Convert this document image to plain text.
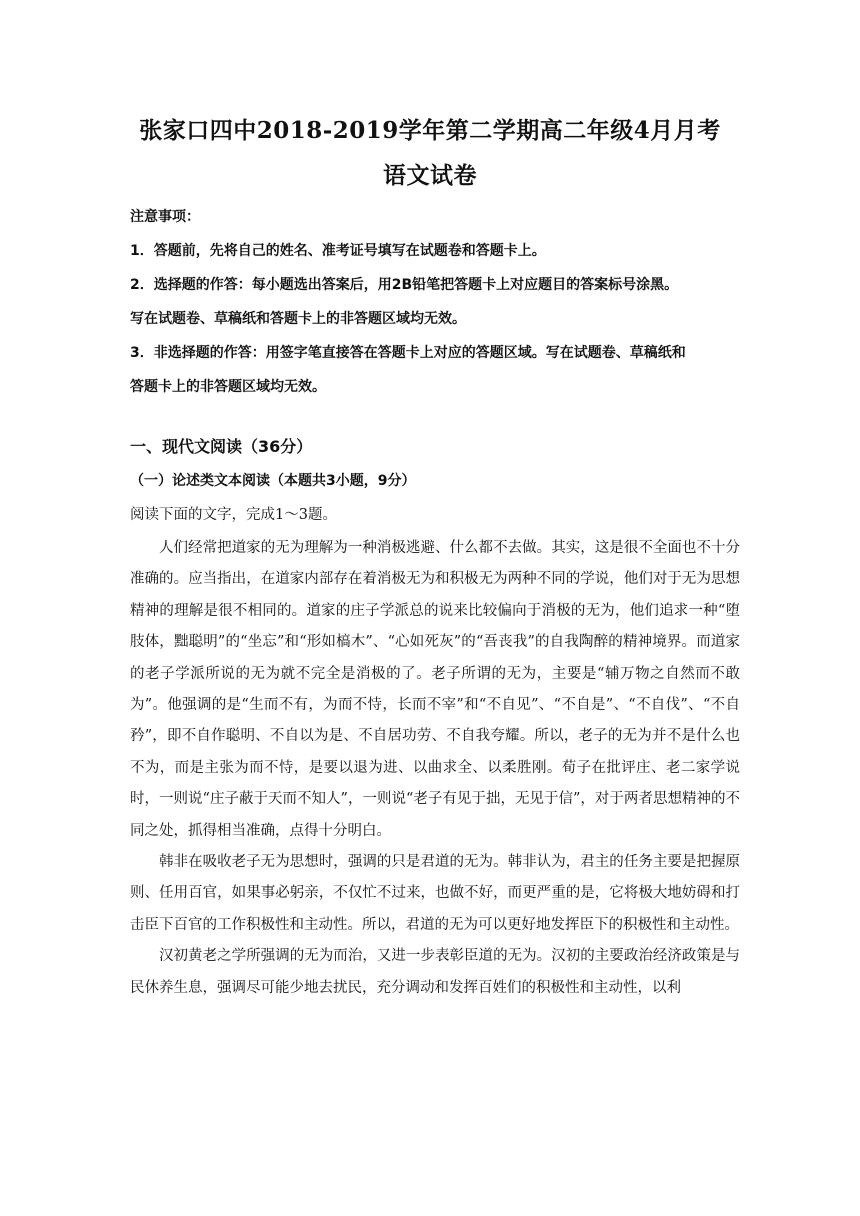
张家口四中2018-2019学年第二学期高二年级4月月考
语文试卷
注意事项：
1．答题前，先将自己的姓名、准考证号填写在试题卷和答题卡上。
2．选择题的作答：每小题选出答案后，用2B铅笔把答题卡上对应题目的答案标号涂黑。
写在试题卷、草稿纸和答题卡上的非答题区域均无效。
3．非选择题的作答：用签字笔直接答在答题卡上对应的答题区域。写在试题卷、草稿纸和
答题卡上的非答题区域均无效。
一、现代文阅读（36分）
（一）论述类文本阅读（本题共3小题，9分）
阅读下面的文字，完成1～3题。

人们经常把道家的无为理解为一种消极逃避、什么都不去做。其实，这是很不全面也不十分准确的。应当指出，在道家内部存在着消极无为和积极无为两种不同的学说，他们对于无为思想精神的理解是很不相同的。道家的庄子学派总的说来比较偏向于消极的无为，他们追求一种“堕肢体，黜聪明”的“坐忘”和“形如槁木”、“心如死灰”的“吾丧我”的自我陶醉的精神境界。而道家的老子学派所说的无为就不完全是消极的了。老子所谓的无为，主要是“辅万物之自然而不敢为”。他强调的是“生而不有，为而不恃，长而不宰”和“不自见”、“不自是”、“不自伐”、“不自矜”，即不自作聪明、不自以为是、不自居功劳、不自我夸耀。所以，老子的无为并不是什么也不为，而是主张为而不恃，是要以退为进、以曲求全、以柔胜刚。荀子在批评庄、老二家学说时，一则说“庄子蔽于天而不知人”，一则说“老子有见于拙，无见于信”，对于两者思想精神的不同之处，抓得相当准确，点得十分明白。

韩非在吸收老子无为思想时，强调的只是君道的无为。韩非认为，君主的任务主要是把握原则、任用百官，如果事必躬亲，不仅忙不过来，也做不好，而更严重的是，它将极大地妨碍和打击臣下百官的工作积极性和主动性。所以，君道的无为可以更好地发挥臣下的积极性和主动性。

汉初黄老之学所强调的无为而治，又进一步表彰臣道的无为。汉初的主要政治经济政策是与民休养生息，强调尽可能少地去扰民，充分调动和发挥百姓们的积极性和主动性，以利
